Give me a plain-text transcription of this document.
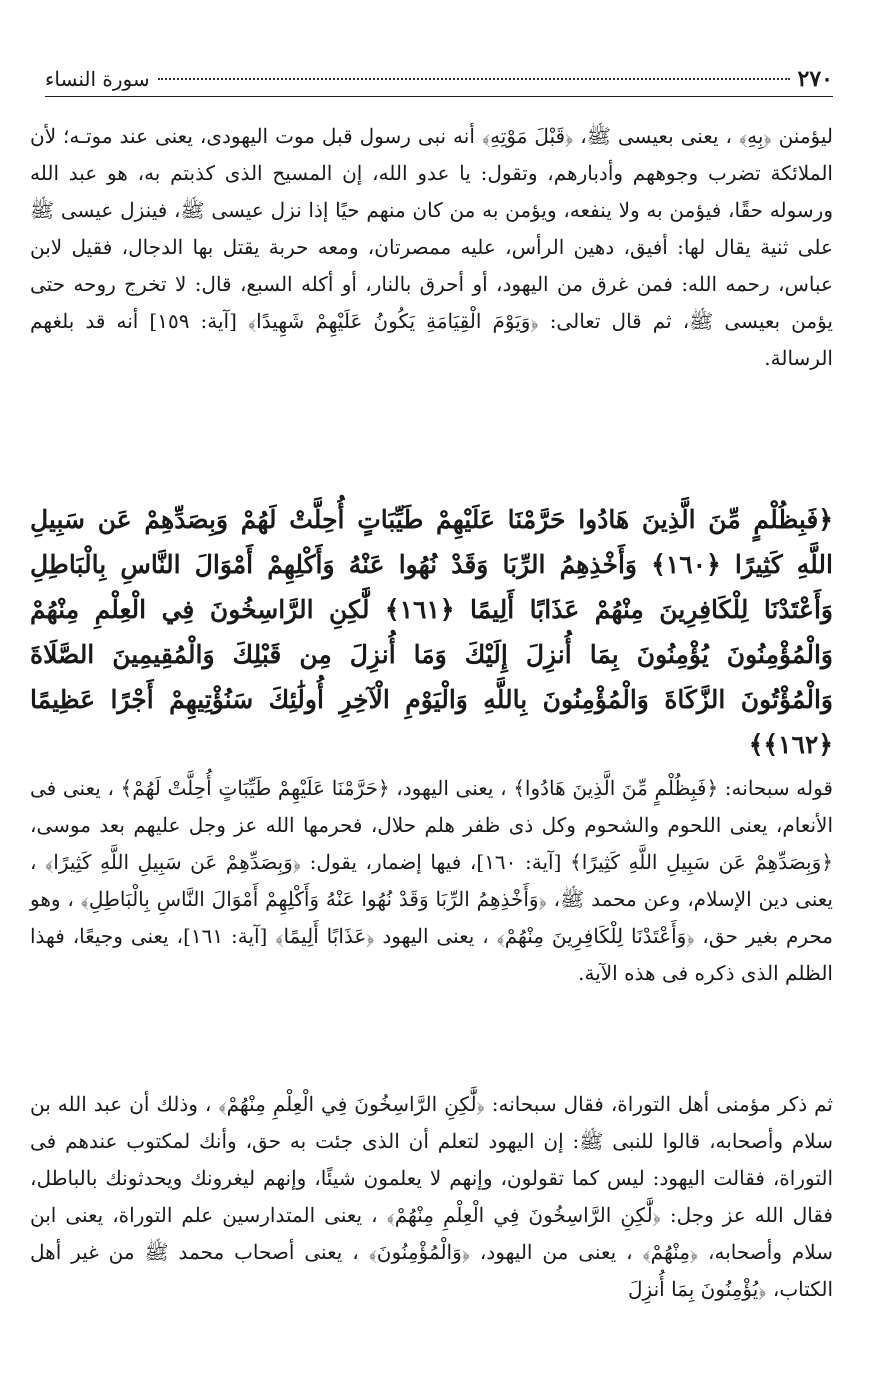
٢٧٠
سورة النساء

ليؤمنن ﴿بِهِ﴾ ، يعنى بعيسى ﷺ، ﴿قَبْلَ مَوْتِهِ﴾ أنه نبى رسول قبل موت اليهودى، يعنى عند موتـه؛ لأن الملائكة تضرب وجوههم وأدبارهم، وتقول: يا عدو الله، إن المسيح الذى كذبتم به، هو عبد الله ورسوله حقًا، فيؤمن به ولا ينفعه، ويؤمن به من كان منهم حيًا إذا نزل عيسى ﷺ، فينزل عيسى ﷺ على ثنية يقال لها: أفيق، دهين الرأس، عليه ممصرتان، ومعه حربة يقتل بها الدجال، فقيل لابن عباس، رحمه الله: فمن غرق من اليهود، أو أحرق بالنار، أو أكله السبع، قال: لا تخرج روحه حتى يؤمن بعيسى ﷺ، ثم قال تعالى: ﴿وَيَوْمَ الْقِيَامَةِ يَكُونُ عَلَيْهِمْ شَهِيدًا﴾ [آية: ١٥٩] أنه قد بلغهم الرسالة.

﴿فَبِظُلْمٍ مِّنَ الَّذِينَ هَادُوا حَرَّمْنَا عَلَيْهِمْ طَيِّبَاتٍ أُحِلَّتْ لَهُمْ وَبِصَدِّهِمْ عَن سَبِيلِ اللَّهِ كَثِيرًا ﴿١٦٠﴾ وَأَخْذِهِمُ الرِّبَا وَقَدْ نُهُوا عَنْهُ وَأَكْلِهِمْ أَمْوَالَ النَّاسِ بِالْبَاطِلِ وَأَعْتَدْنَا لِلْكَافِرِينَ مِنْهُمْ عَذَابًا أَلِيمًا ﴿١٦١﴾ لَّٰكِنِ الرَّاسِخُونَ فِي الْعِلْمِ مِنْهُمْ وَالْمُؤْمِنُونَ يُؤْمِنُونَ بِمَا أُنزِلَ إِلَيْكَ وَمَا أُنزِلَ مِن قَبْلِكَ وَالْمُقِيمِينَ الصَّلَاةَ وَالْمُؤْتُونَ الزَّكَاةَ وَالْمُؤْمِنُونَ بِاللَّهِ وَالْيَوْمِ الْآخِرِ أُولَٰئِكَ سَنُؤْتِيهِمْ أَجْرًا عَظِيمًا ﴿١٦٢﴾﴾

قوله سبحانه: ﴿فَبِظُلْمٍ مِّنَ الَّذِينَ هَادُوا﴾ ، يعنى اليهود، ﴿حَرَّمْنَا عَلَيْهِمْ طَيِّبَاتٍ أُحِلَّتْ لَهُمْ﴾ ، يعنى فى الأنعام، يعنى اللحوم والشحوم وكل ذى ظفر هلم حلال، فحرمها الله عز وجل عليهم بعد موسى، ﴿وَبِصَدِّهِمْ عَن سَبِيلِ اللَّهِ كَثِيرًا﴾ [آية: ١٦٠]، فيها إضمار، يقول: ﴿وَبِصَدِّهِمْ عَن سَبِيلِ اللَّهِ كَثِيرًا﴾ ، يعنى دين الإسلام، وعن محمد ﷺ، ﴿وَأَخْذِهِمُ الرِّبَا وَقَدْ نُهُوا عَنْهُ وَأَكْلِهِمْ أَمْوَالَ النَّاسِ بِالْبَاطِلِ﴾ ، وهو محرم بغير حق، ﴿وَأَعْتَدْنَا لِلْكَافِرِينَ مِنْهُمْ﴾ ، يعنى اليهود ﴿عَذَابًا أَلِيمًا﴾ [آية: ١٦١]، يعنى وجيعًا، فهذا الظلم الذى ذكره فى هذه الآية.

ثم ذكر مؤمنى أهل التوراة، فقال سبحانه: ﴿لَّٰكِنِ الرَّاسِخُونَ فِي الْعِلْمِ مِنْهُمْ﴾ ، وذلك أن عبد الله بن سلام وأصحابه، قالوا للنبى ﷺ: إن اليهود لتعلم أن الذى جئت به حق، وأنك لمكتوب عندهم فى التوراة، فقالت اليهود: ليس كما تقولون، وإنهم لا يعلمون شيئًا، وإنهم ليغرونك ويحدثونك بالباطل، فقال الله عز وجل: ﴿لَّٰكِنِ الرَّاسِخُونَ فِي الْعِلْمِ مِنْهُمْ﴾ ، يعنى المتدارسين علم التوراة، يعنى ابن سلام وأصحابه، ﴿مِنْهُمْ﴾ ، يعنى من اليهود، ﴿وَالْمُؤْمِنُونَ﴾ ، يعنى أصحاب محمد ﷺ من غير أهل الكتاب، ﴿يُؤْمِنُونَ بِمَا أُنزِلَ
